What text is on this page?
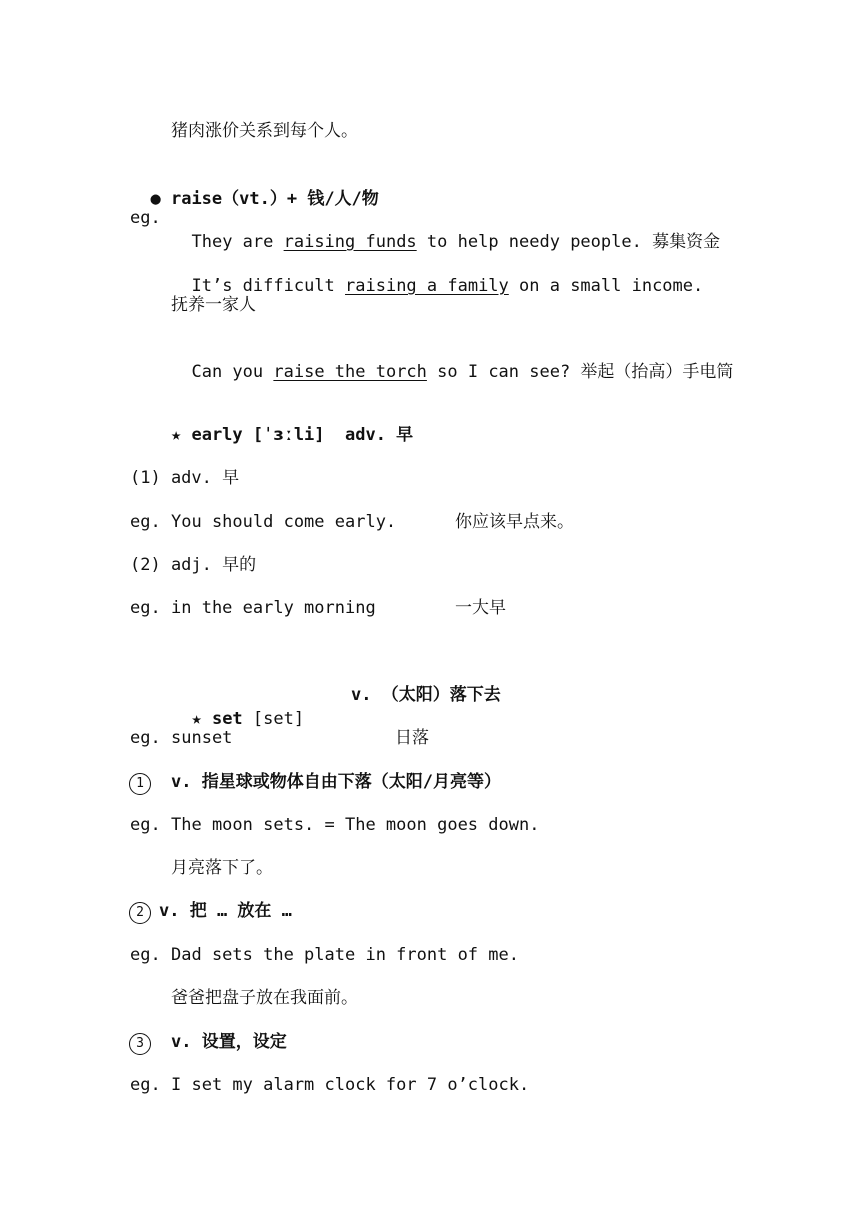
猪肉涨价关系到每个人。

● raise（vt.）+ 钱/人/物

eg.

They are raising funds to help needy people. 募集资金

It’s difficult raising a family on a small income.

抚养一家人

Can you raise the torch so I can see? 举起（抬高）手电筒

★ early [ˈɜːli]  adv. 早
(1) adv. 早
eg. You should come early.	你应该早点来。
(2) adj. 早的
eg. in the early morning	一大早

★ set [set]

v. （太阳）落下去
eg. sunset	日落
1	v. 指星球或物体自由下落（太阳/月亮等）
eg. The moon sets. = The moon goes down.
月亮落下了。
2 v. 把 … 放在 …
eg. Dad sets the plate in front of me.
爸爸把盘子放在我面前。
3	v. 设置，设定
eg. I set my alarm clock for 7 o’clock.
